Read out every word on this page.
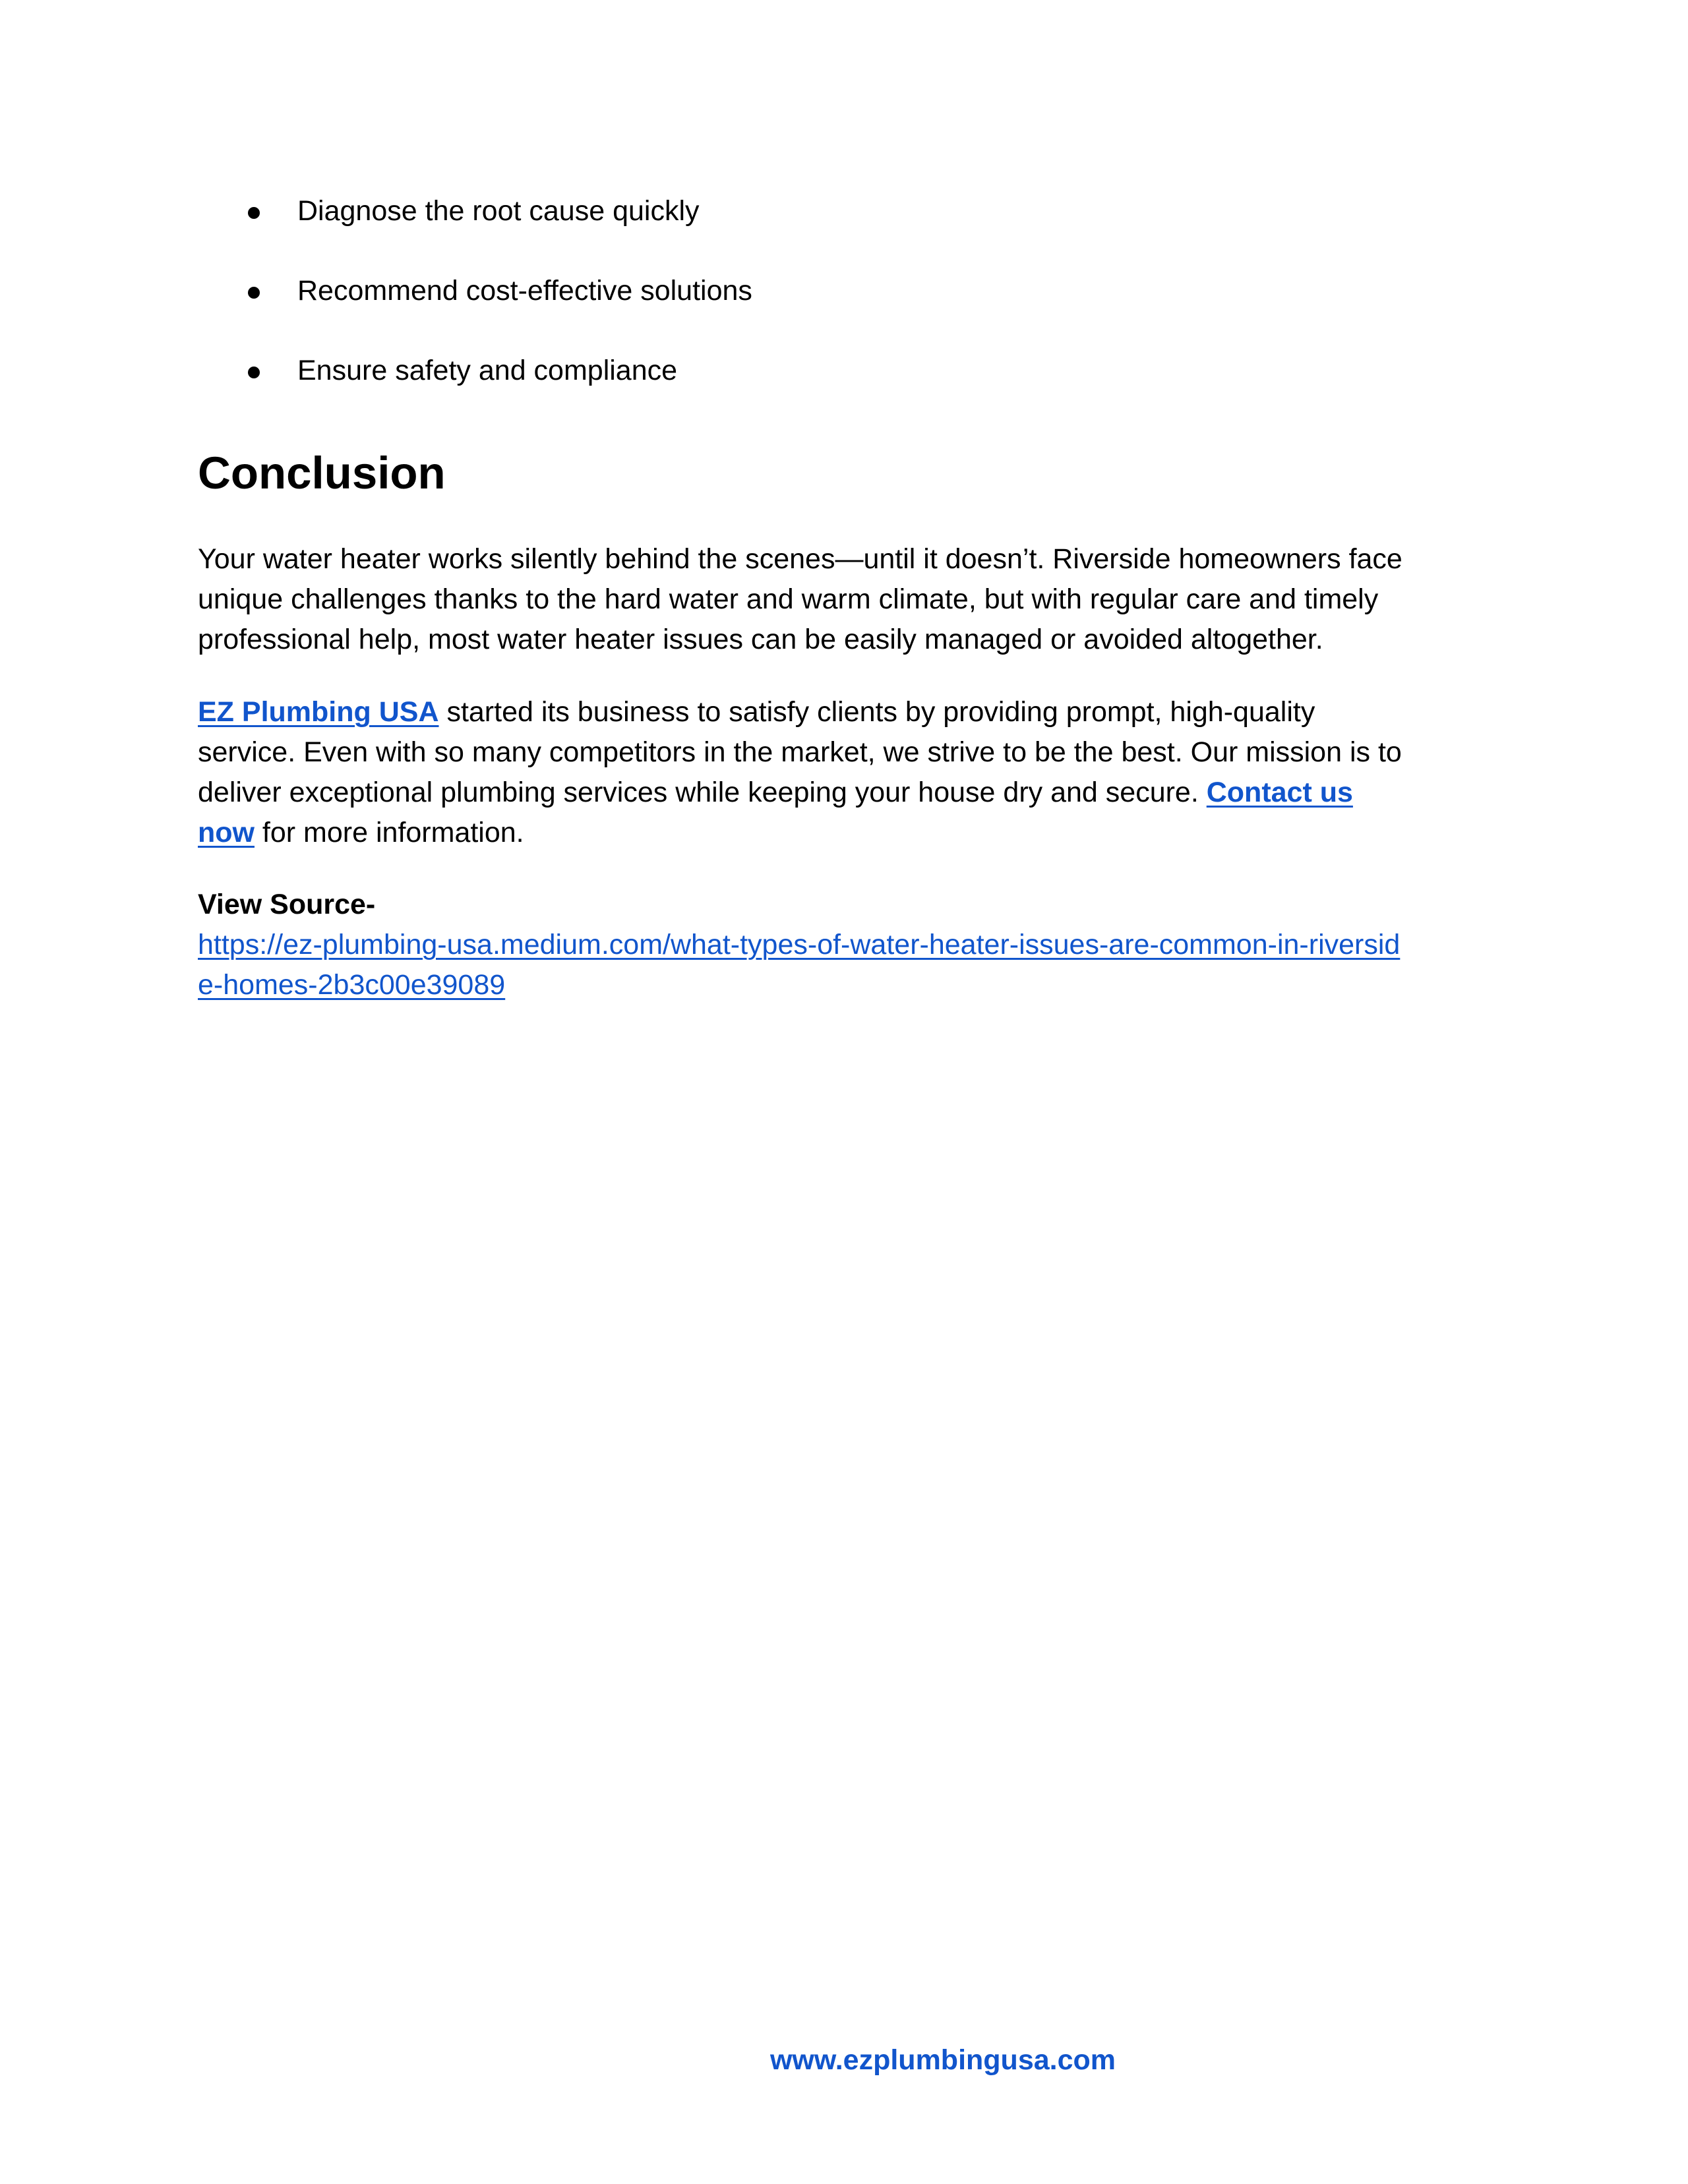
Diagnose the root cause quickly
Recommend cost-effective solutions
Ensure safety and compliance
Conclusion

Your water heater works silently behind the scenes—until it doesn’t. Riverside homeowners face
unique challenges thanks to the hard water and warm climate, but with regular care and timely
professional help, most water heater issues can be easily managed or avoided altogether.

EZ Plumbing USA started its business to satisfy clients by providing prompt, high-quality
service. Even with so many competitors in the market, we strive to be the best. Our mission is to
deliver exceptional plumbing services while keeping your house dry and secure. Contact us
now for more information.

View Source-
https://ez-plumbing-usa.medium.com/what-types-of-water-heater-issues-are-common-in-riversid
e-homes-2b3c00e39089

www.ezplumbingusa.com
